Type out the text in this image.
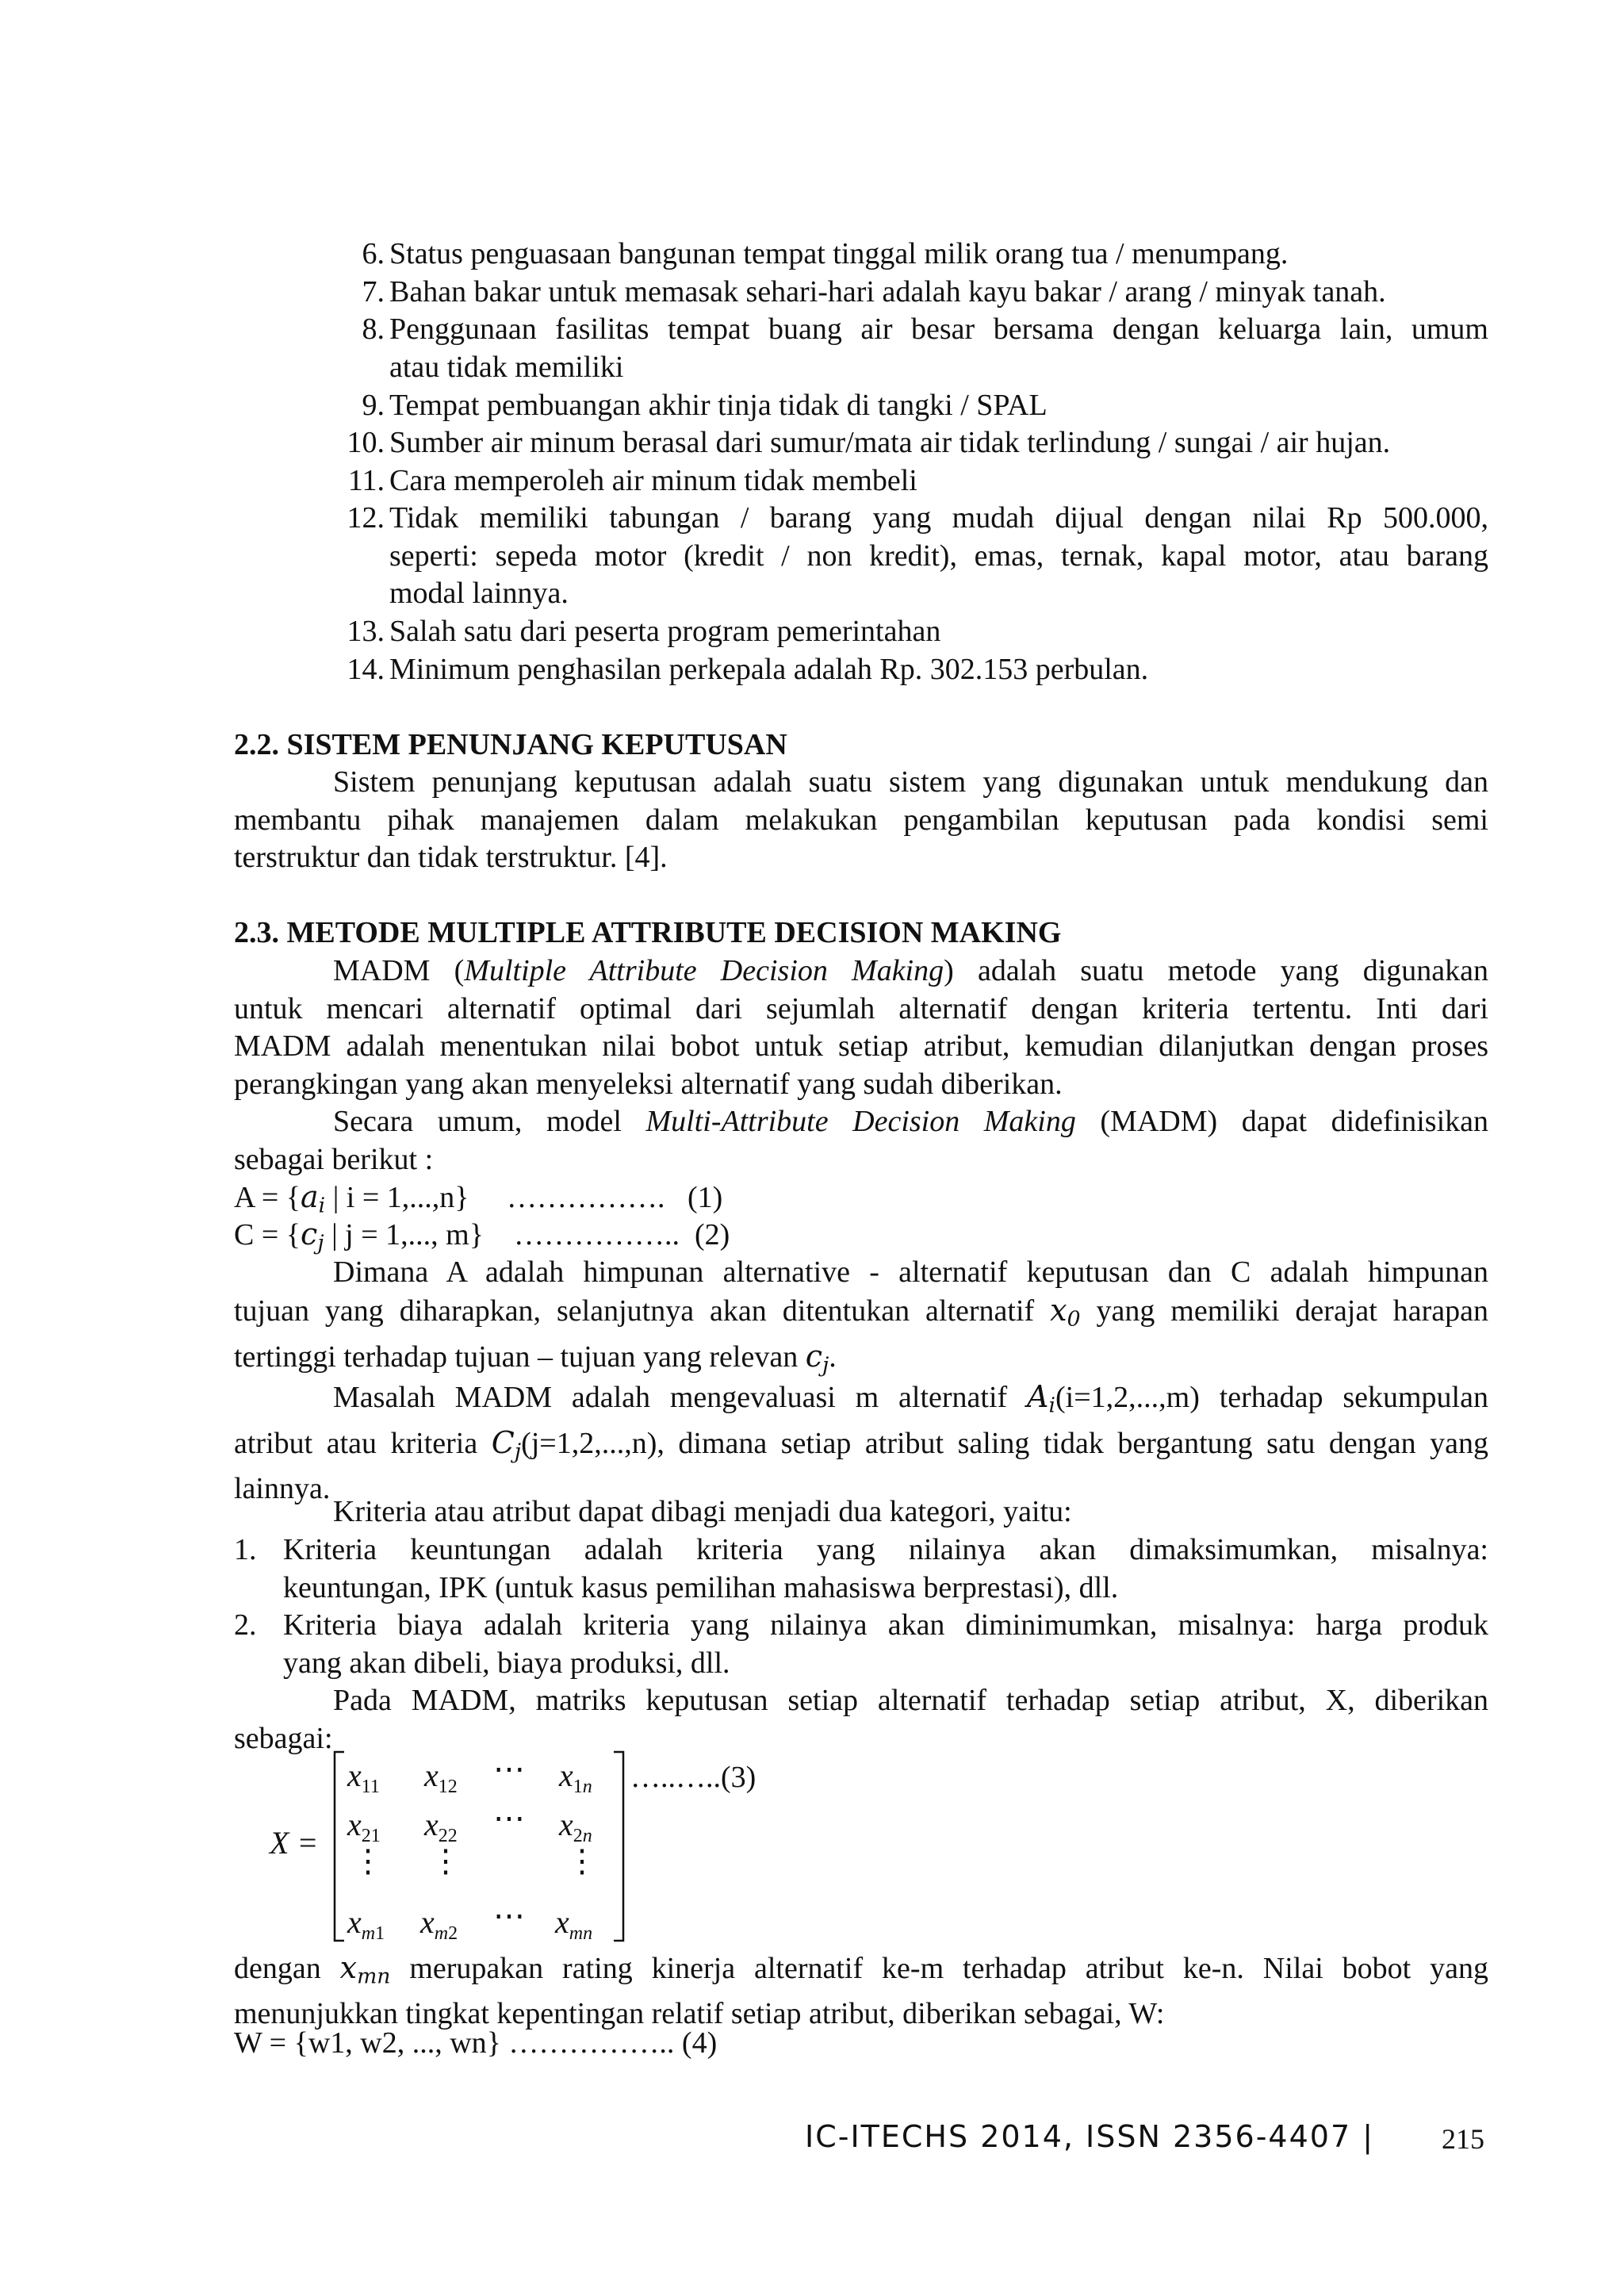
6. Status penguasaan bangunan tempat tinggal milik orang tua / menumpang.
7. Bahan bakar untuk memasak sehari-hari adalah kayu bakar / arang / minyak tanah.
8. Penggunaan fasilitas tempat buang air besar bersama dengan keluarga lain, umum
atau tidak memiliki
9. Tempat pembuangan akhir tinja tidak di tangki / SPAL
10. Sumber air minum berasal dari sumur/mata air tidak terlindung / sungai / air hujan.
11. Cara memperoleh air minum tidak membeli
12. Tidak memiliki tabungan / barang yang mudah dijual dengan nilai Rp 500.000,
seperti: sepeda motor (kredit / non kredit), emas, ternak, kapal motor, atau barang
modal lainnya.
13. Salah satu dari peserta program pemerintahan
14. Minimum penghasilan perkepala adalah Rp. 302.153 perbulan.
2.2. SISTEM PENUNJANG KEPUTUSAN
Sistem penunjang keputusan adalah suatu sistem yang digunakan untuk mendukung dan
membantu pihak manajemen dalam melakukan pengambilan keputusan pada kondisi semi
terstruktur dan tidak terstruktur. [4].
2.3. METODE MULTIPLE ATTRIBUTE DECISION MAKING
MADM (Multiple Attribute Decision Making) adalah suatu metode yang digunakan
untuk mencari alternatif optimal dari sejumlah alternatif dengan kriteria tertentu. Inti dari
MADM adalah menentukan nilai bobot untuk setiap atribut, kemudian dilanjutkan dengan proses
perangkingan yang akan menyeleksi alternatif yang sudah diberikan.
Secara umum, model Multi-Attribute Decision Making (MADM) dapat didefinisikan
sebagai berikut :
$A = \{a_i$ | i = 1,...,n}     …………….   (1)
$C = \{c_j$ | j = 1,..., m}    ……………..  (2)
Dimana A adalah himpunan alternative - alternatif keputusan dan C adalah himpunan
tujuan yang diharapkan, selanjutnya akan ditentukan alternatif $x_0$ yang memiliki derajat harapan
tertinggi terhadap tujuan – tujuan yang relevan $c_j$.
Masalah MADM adalah mengevaluasi m alternatif $A_i(i=1,2,...,m)$ terhadap sekumpulan
atribut atau kriteria $C_j(j=1,2,...,n)$, dimana setiap atribut saling tidak bergantung satu dengan yang
lainnya.
Kriteria atau atribut dapat dibagi menjadi dua kategori, yaitu:
1. Kriteria keuntungan adalah kriteria yang nilainya akan dimaksimumkan, misalnya:
keuntungan, IPK (untuk kasus pemilihan mahasiswa berprestasi), dll.
2. Kriteria biaya adalah kriteria yang nilainya akan diminimumkan, misalnya: harga produk
yang akan dibeli, biaya produksi, dll.
Pada MADM, matriks keputusan setiap alternatif terhadap setiap atribut, X, diberikan
sebagai:
X =
$x_{11}$ $x_{12}$ ⋯ $x_{1n}$
$x_{21}$ $x_{22}$ ⋯ $x_{2n}$
⋮ ⋮	⋮
$x_{m1}$ $x_{m2}$ ⋯ $x_{mn}$
…..…..(3)
dengan $x_{mn}$ merupakan rating kinerja alternatif ke-m terhadap atribut ke-n. Nilai bobot yang
menunjukkan tingkat kepentingan relatif setiap atribut, diberikan sebagai, W:
W = {w1, w2, ..., wn} …………….. (4)
IC-ITECHS 2014, ISSN 2356-4407 | 215
